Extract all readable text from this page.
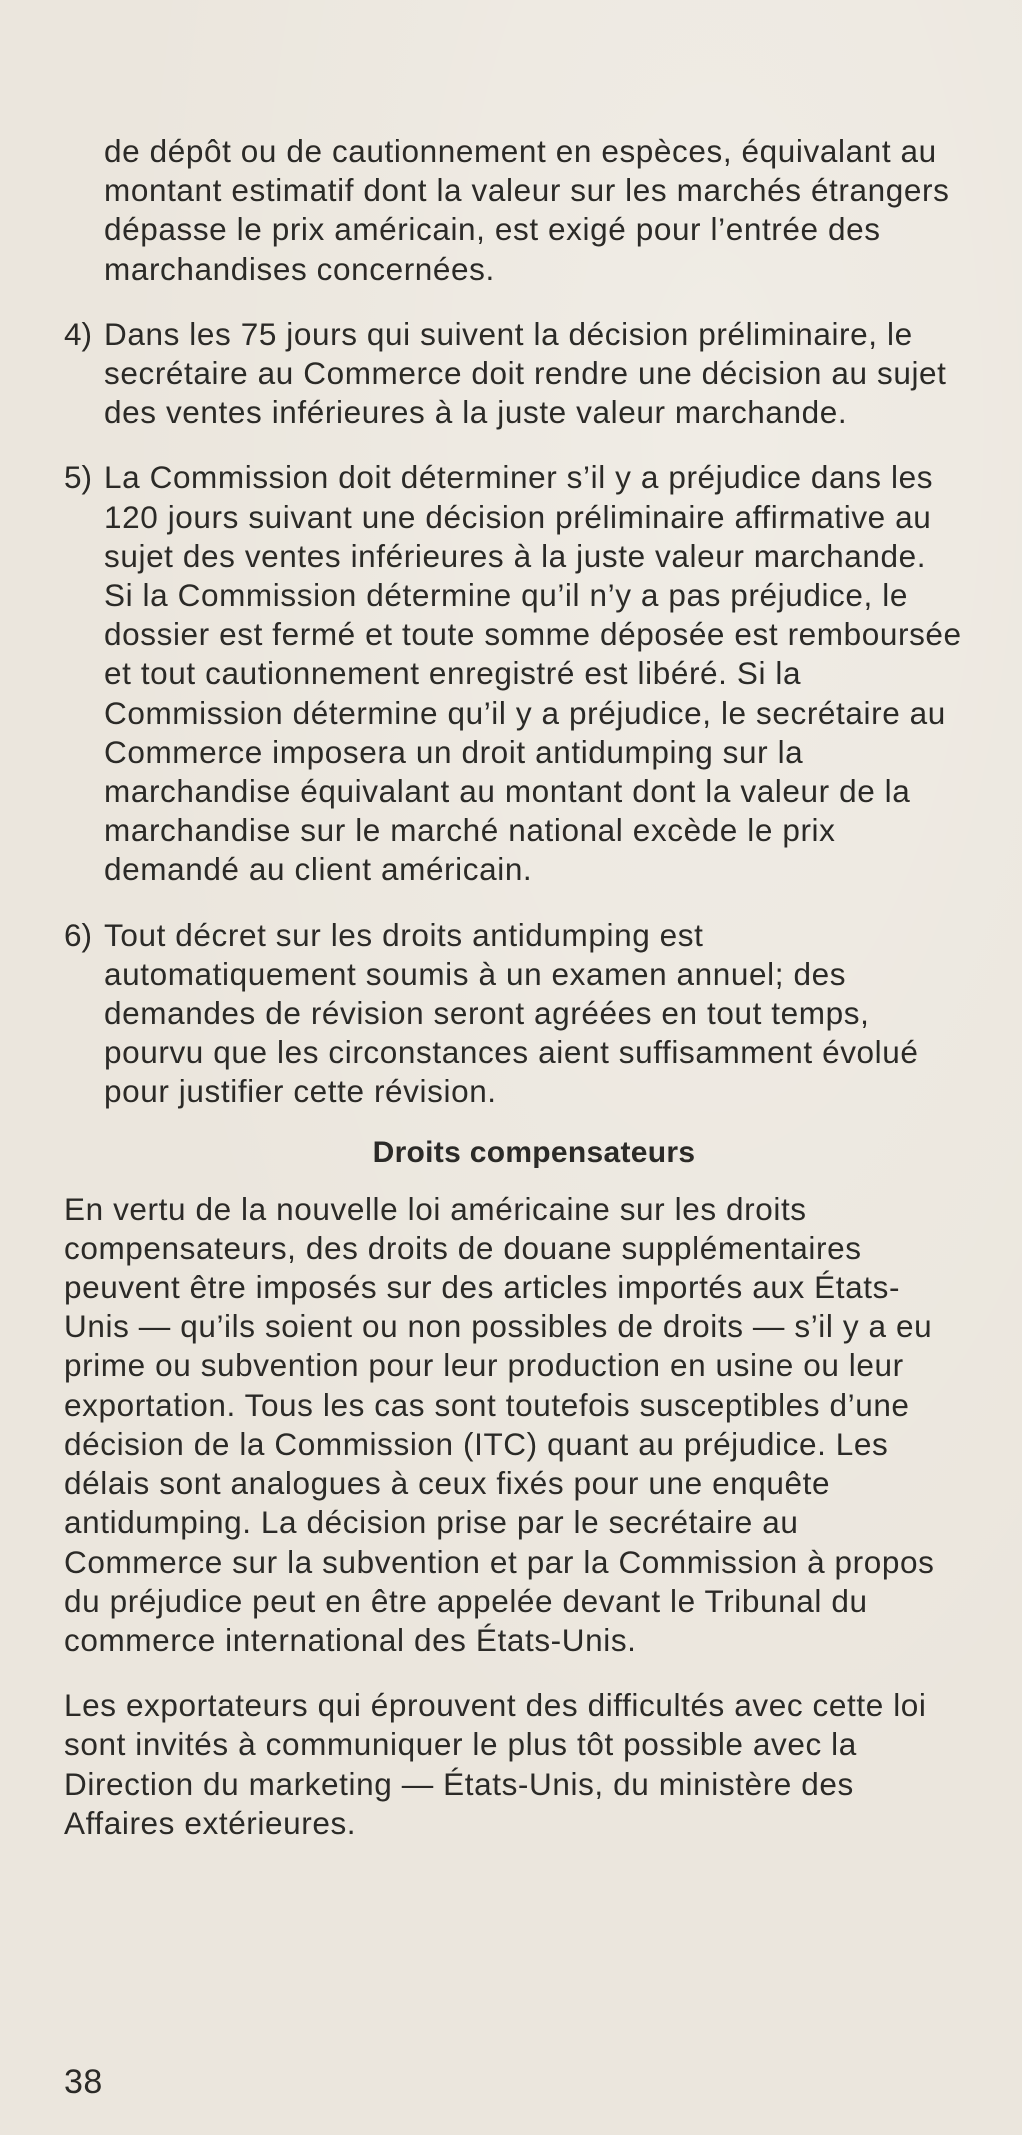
de dépôt ou de cautionnement en espèces, équivalant au montant estimatif dont la valeur sur les marchés étrangers dépasse le prix américain, est exigé pour l’entrée des marchandises concernées.

4) Dans les 75 jours qui suivent la décision préliminaire, le secrétaire au Commerce doit rendre une décision au sujet des ventes inférieures à la juste valeur marchande.

5) La Commission doit déterminer s’il y a préjudice dans les 120 jours suivant une décision préliminaire affirmative au sujet des ventes inférieures à la juste valeur marchande. Si la Commission détermine qu’il n’y a pas préjudice, le dossier est fermé et toute somme déposée est remboursée et tout cautionnement enregistré est libéré. Si la Commission détermine qu’il y a préjudice, le secrétaire au Commerce imposera un droit antidumping sur la marchandise équivalant au montant dont la valeur de la marchandise sur le marché national excède le prix demandé au client américain.

6) Tout décret sur les droits antidumping est automatiquement soumis à un examen annuel; des demandes de révision seront agréées en tout temps, pourvu que les circonstances aient suffisamment évolué pour justifier cette révision.

Droits compensateurs

En vertu de la nouvelle loi américaine sur les droits compensateurs, des droits de douane supplémentaires peuvent être imposés sur des articles importés aux États-Unis — qu’ils soient ou non possibles de droits — s’il y a eu prime ou subvention pour leur production en usine ou leur exportation. Tous les cas sont toutefois susceptibles d’une décision de la Commission (ITC) quant au préjudice. Les délais sont analogues à ceux fixés pour une enquête antidumping. La décision prise par le secrétaire au Commerce sur la subvention et par la Commission à propos du préjudice peut en être appelée devant le Tribunal du commerce international des États-Unis.

Les exportateurs qui éprouvent des difficultés avec cette loi sont invités à communiquer le plus tôt possible avec la Direction du marketing — États-Unis, du ministère des Affaires extérieures.

38
